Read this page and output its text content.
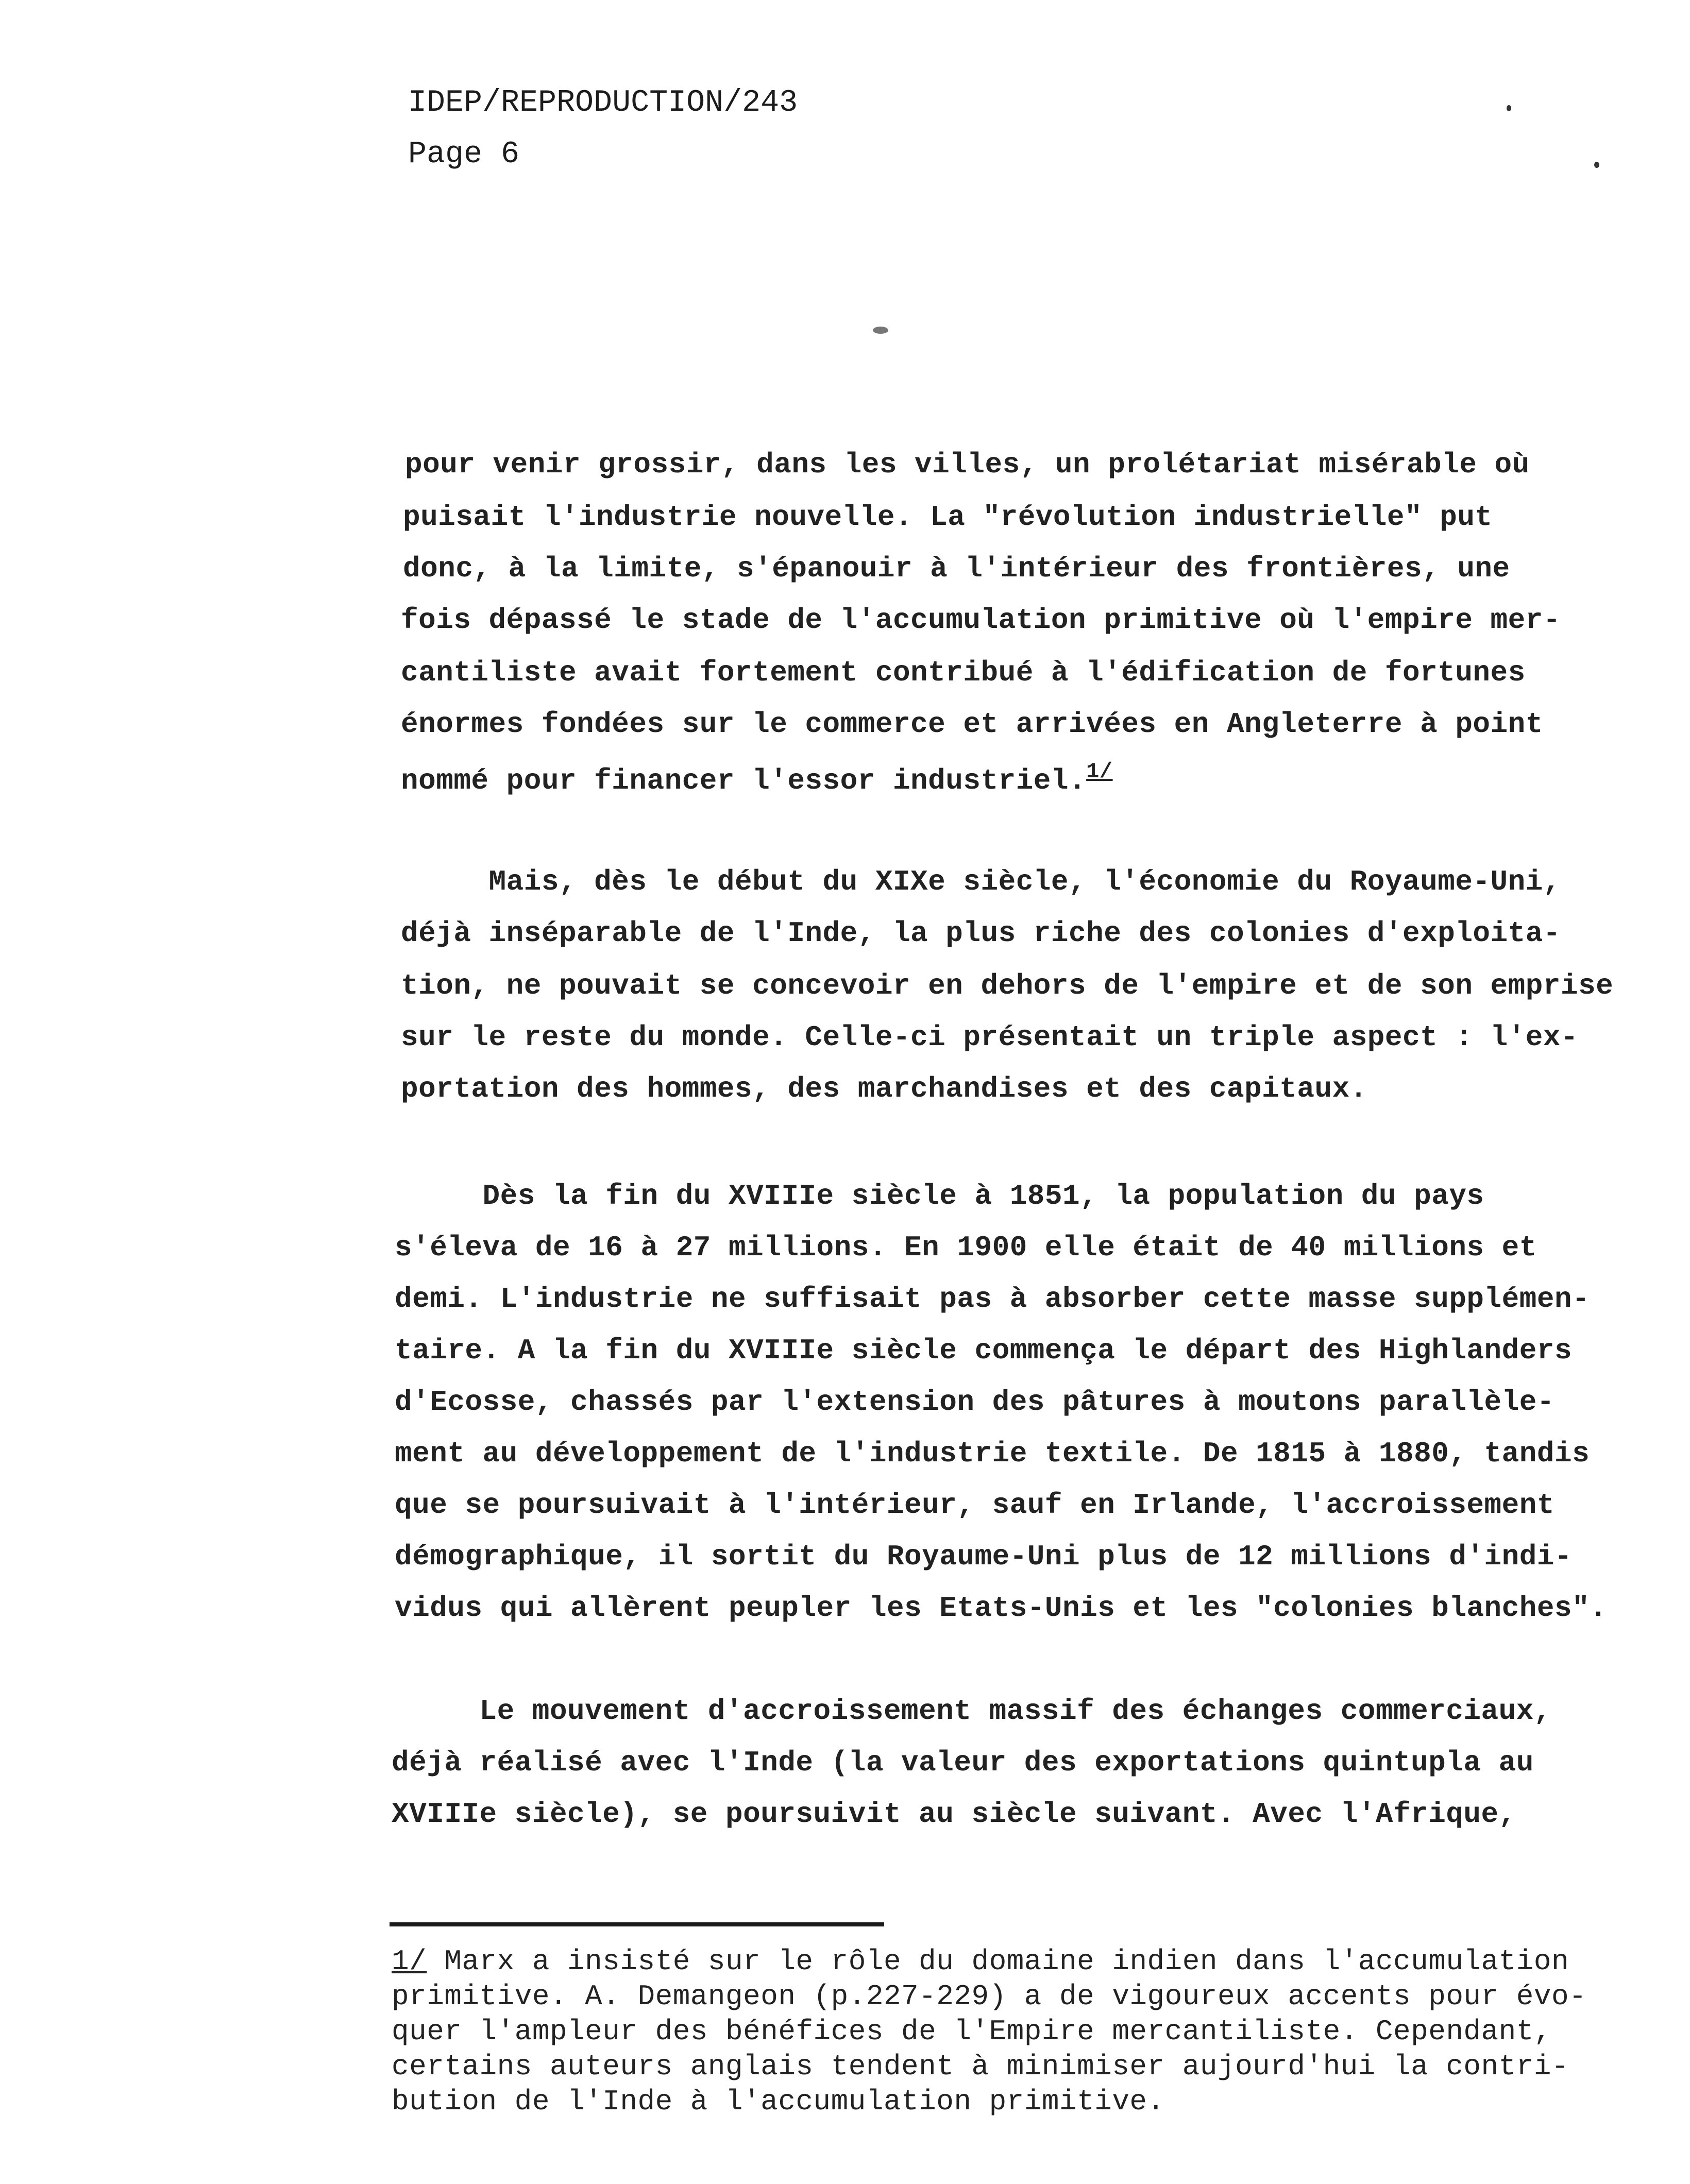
IDEP/REPRODUCTION/243
Page 6
pour venir grossir, dans les villes, un prolétariat misérable où
puisait l'industrie nouvelle. La "révolution industrielle" put
donc, à la limite, s'épanouir à l'intérieur des frontières, une
fois dépassé le stade de l'accumulation primitive où l'empire mer-
cantiliste avait fortement contribué à l'édification de fortunes
énormes fondées sur le commerce et arrivées en Angleterre à point
nommé pour financer l'essor industriel.$^{1/}$
Mais, dès le début du XIXe siècle, l'économie du Royaume-Uni,
déjà inséparable de l'Inde, la plus riche des colonies d'exploita-
tion, ne pouvait se concevoir en dehors de l'empire et de son emprise
sur le reste du monde. Celle-ci présentait un triple aspect : l'ex-
portation des hommes, des marchandises et des capitaux.
Dès la fin du XVIIIe siècle à 1851, la population du pays
s'éleva de 16 à 27 millions. En 1900 elle était de 40 millions et
demi. L'industrie ne suffisait pas à absorber cette masse supplémen-
taire. A la fin du XVIIIe siècle commença le départ des Highlanders
d'Ecosse, chassés par l'extension des pâtures à moutons parallèle-
ment au développement de l'industrie textile. De 1815 à 1880, tandis
que se poursuivait à l'intérieur, sauf en Irlande, l'accroissement
démographique, il sortit du Royaume-Uni plus de 12 millions d'indi-
vidus qui allèrent peupler les Etats-Unis et les "colonies blanches".
Le mouvement d'accroissement massif des échanges commerciaux,
déjà réalisé avec l'Inde (la valeur des exportations quintupla au
XVIIIe siècle), se poursuivit au siècle suivant. Avec l'Afrique,
1/ Marx a insisté sur le rôle du domaine indien dans l'accumulation
primitive. A. Demangeon (p.227-229) a de vigoureux accents pour évo-
quer l'ampleur des bénéfices de l'Empire mercantiliste. Cependant,
certains auteurs anglais tendent à minimiser aujourd'hui la contri-
bution de l'Inde à l'accumulation primitive.
